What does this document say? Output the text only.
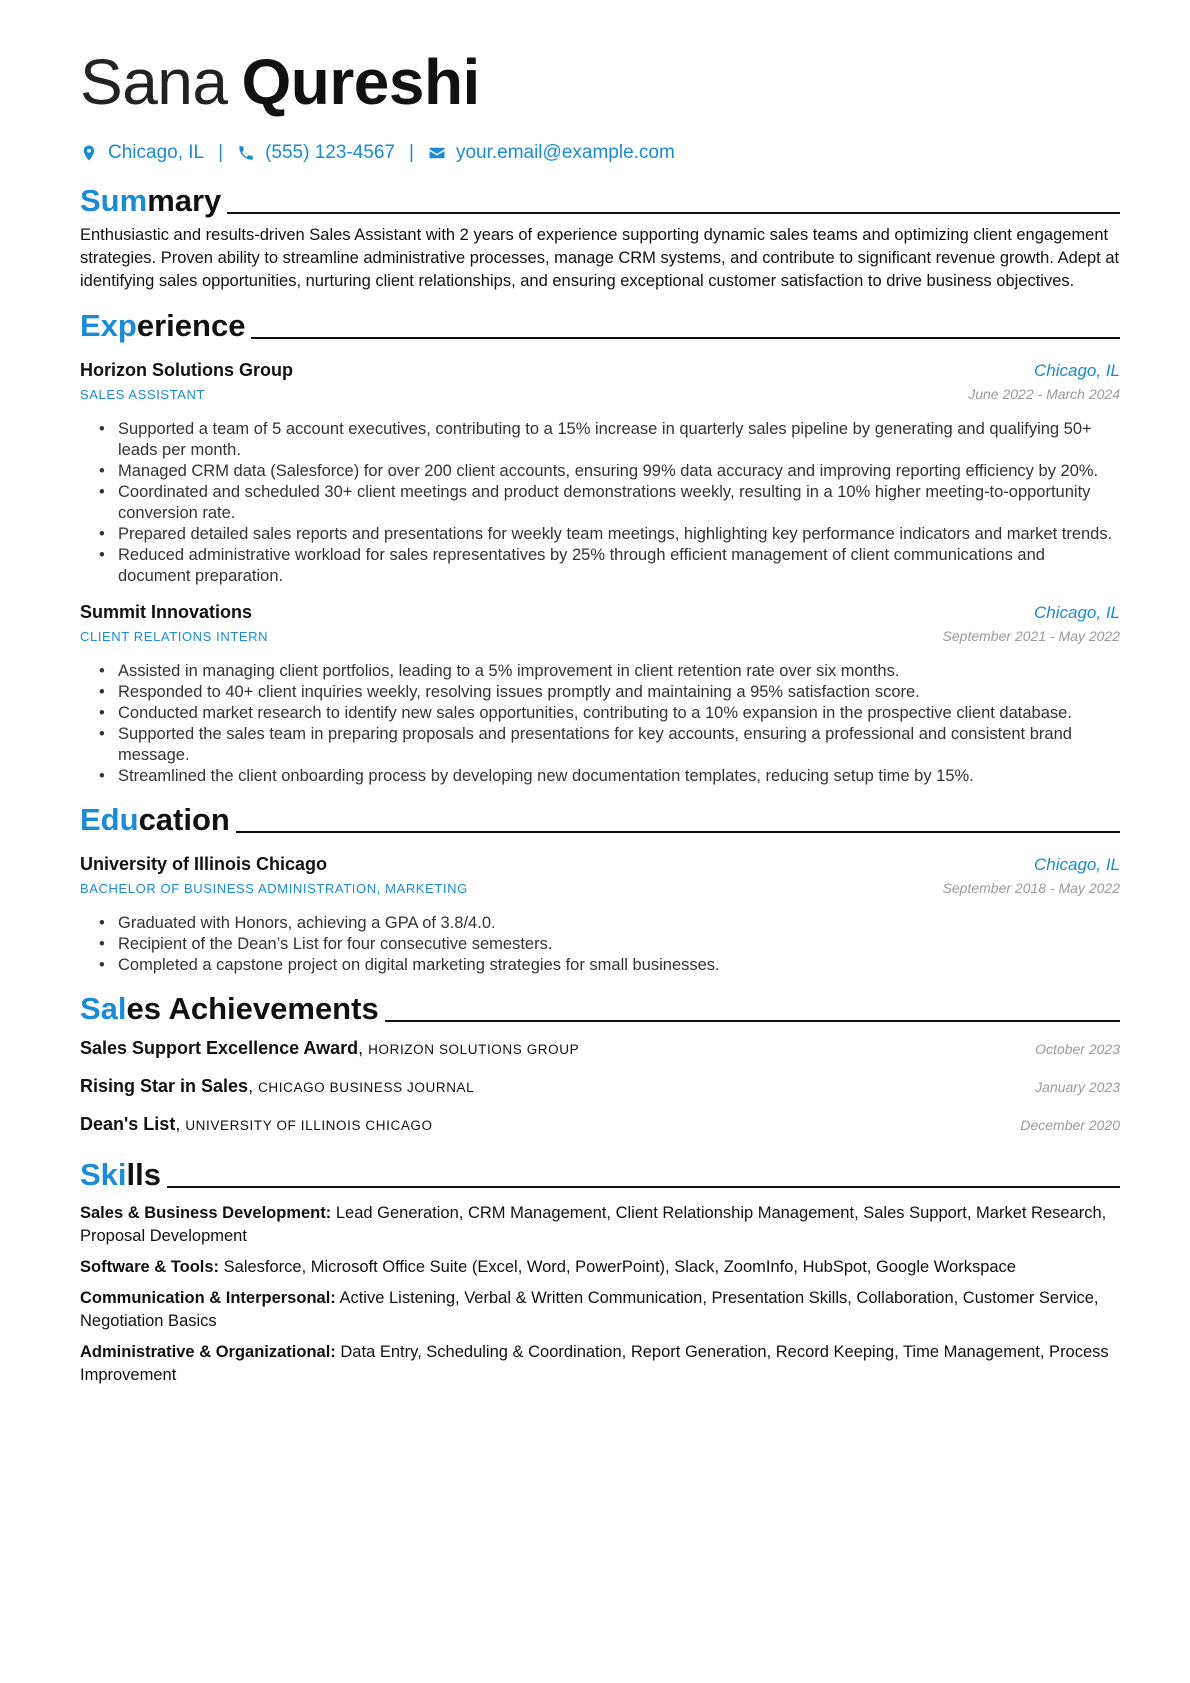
Sana Qureshi
Chicago, IL | (555) 123-4567 | your.email@example.com
Summary
Enthusiastic and results-driven Sales Assistant with 2 years of experience supporting dynamic sales teams and optimizing client engagement strategies. Proven ability to streamline administrative processes, manage CRM systems, and contribute to significant revenue growth. Adept at identifying sales opportunities, nurturing client relationships, and ensuring exceptional customer satisfaction to drive business objectives.
Experience
Horizon Solutions Group	Chicago, IL
SALES ASSISTANT	June 2022 - March 2024
• Supported a team of 5 account executives, contributing to a 15% increase in quarterly sales pipeline by generating and qualifying 50+ leads per month.
• Managed CRM data (Salesforce) for over 200 client accounts, ensuring 99% data accuracy and improving reporting efficiency by 20%.
• Coordinated and scheduled 30+ client meetings and product demonstrations weekly, resulting in a 10% higher meeting-to-opportunity conversion rate.
• Prepared detailed sales reports and presentations for weekly team meetings, highlighting key performance indicators and market trends.
• Reduced administrative workload for sales representatives by 25% through efficient management of client communications and document preparation.
Summit Innovations	Chicago, IL
CLIENT RELATIONS INTERN	September 2021 - May 2022
• Assisted in managing client portfolios, leading to a 5% improvement in client retention rate over six months.
• Responded to 40+ client inquiries weekly, resolving issues promptly and maintaining a 95% satisfaction score.
• Conducted market research to identify new sales opportunities, contributing to a 10% expansion in the prospective client database.
• Supported the sales team in preparing proposals and presentations for key accounts, ensuring a professional and consistent brand message.
• Streamlined the client onboarding process by developing new documentation templates, reducing setup time by 15%.
Education
University of Illinois Chicago	Chicago, IL
BACHELOR OF BUSINESS ADMINISTRATION, MARKETING	September 2018 - May 2022
• Graduated with Honors, achieving a GPA of 3.8/4.0.
• Recipient of the Dean’s List for four consecutive semesters.
• Completed a capstone project on digital marketing strategies for small businesses.
Sales Achievements
Sales Support Excellence Award, HORIZON SOLUTIONS GROUP	October 2023
Rising Star in Sales, CHICAGO BUSINESS JOURNAL	January 2023
Dean's List, UNIVERSITY OF ILLINOIS CHICAGO	December 2020
Skills
Sales & Business Development: Lead Generation, CRM Management, Client Relationship Management, Sales Support, Market Research, Proposal Development
Software & Tools: Salesforce, Microsoft Office Suite (Excel, Word, PowerPoint), Slack, ZoomInfo, HubSpot, Google Workspace
Communication & Interpersonal: Active Listening, Verbal & Written Communication, Presentation Skills, Collaboration, Customer Service, Negotiation Basics
Administrative & Organizational: Data Entry, Scheduling & Coordination, Report Generation, Record Keeping, Time Management, Process Improvement
